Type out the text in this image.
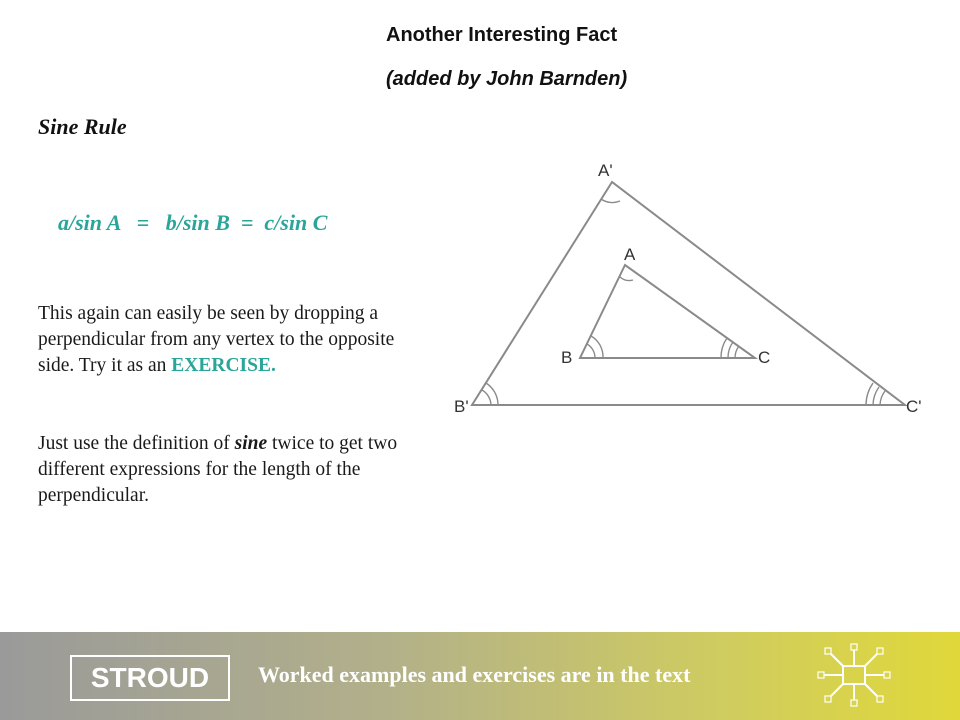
Another Interesting Fact
(added by John Barnden)
Sine Rule
a/sin A   =   b/sin B  =  c/sin C

This again can easily be seen by dropping a perpendicular from any vertex to the opposite side. Try it as an EXERCISE.

Just use the definition of sine twice to get two different expressions for the length of the perpendicular.

A'
B'	C'
A
B	C
STROUD	Worked examples and exercises are in the text
